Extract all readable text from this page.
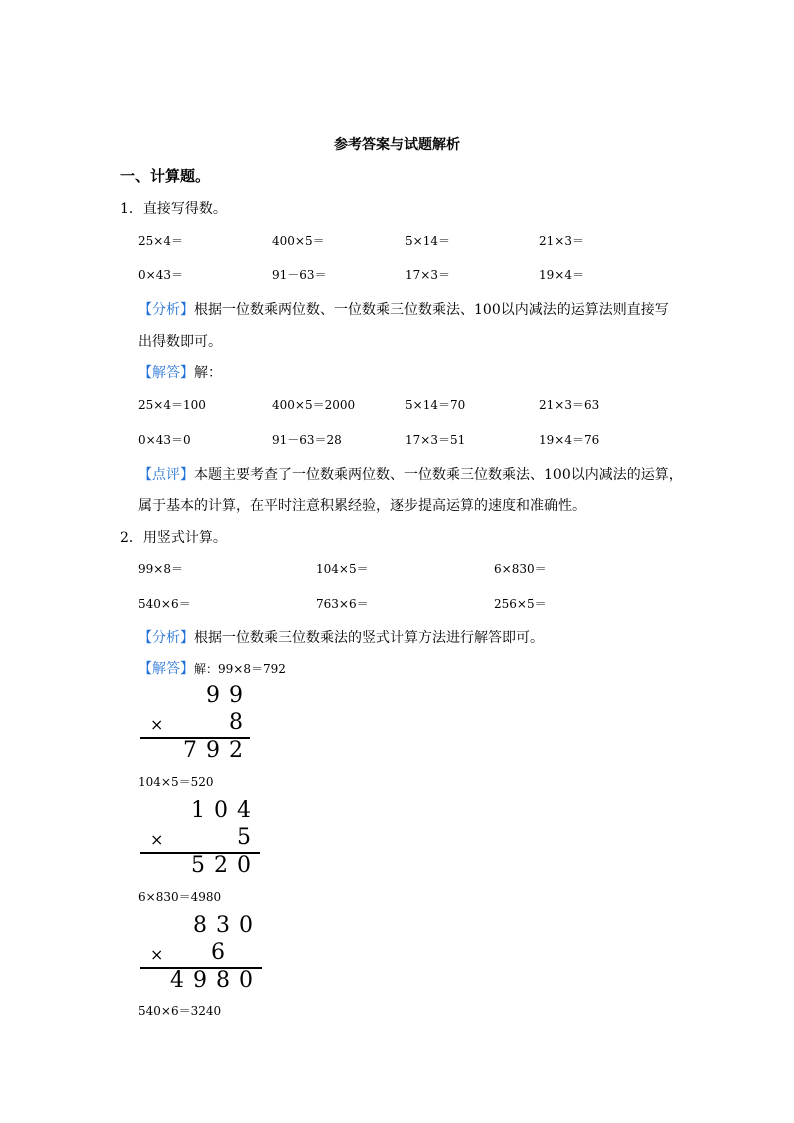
参考答案与试题解析
一、计算题。
1．直接写得数。
25×4＝	400×5＝	5×14＝	21×3＝
0×43＝	91－63＝	17×3＝	19×4＝
【分析】根据一位数乘两位数、一位数乘三位数乘法、100以内减法的运算法则直接写
出得数即可。
【解答】解：
25×4＝100	400×5＝2000	5×14＝70	21×3＝63
0×43＝0	91－63＝28	17×3＝51	19×4＝76
【点评】本题主要考查了一位数乘两位数、一位数乘三位数乘法、100以内减法的运算，
属于基本的计算，在平时注意积累经验，逐步提高运算的速度和准确性。
2．用竖式计算。
99×8＝	104×5＝	6×830＝
540×6＝	763×6＝	256×5＝
【分析】根据一位数乘三位数乘法的竖式计算方法进行解答即可。
【解答】解：99×8＝792
99
×	8
792
104×5＝520
104
×	5
520
6×830＝4980
830
× 6
4980
540×6＝3240
